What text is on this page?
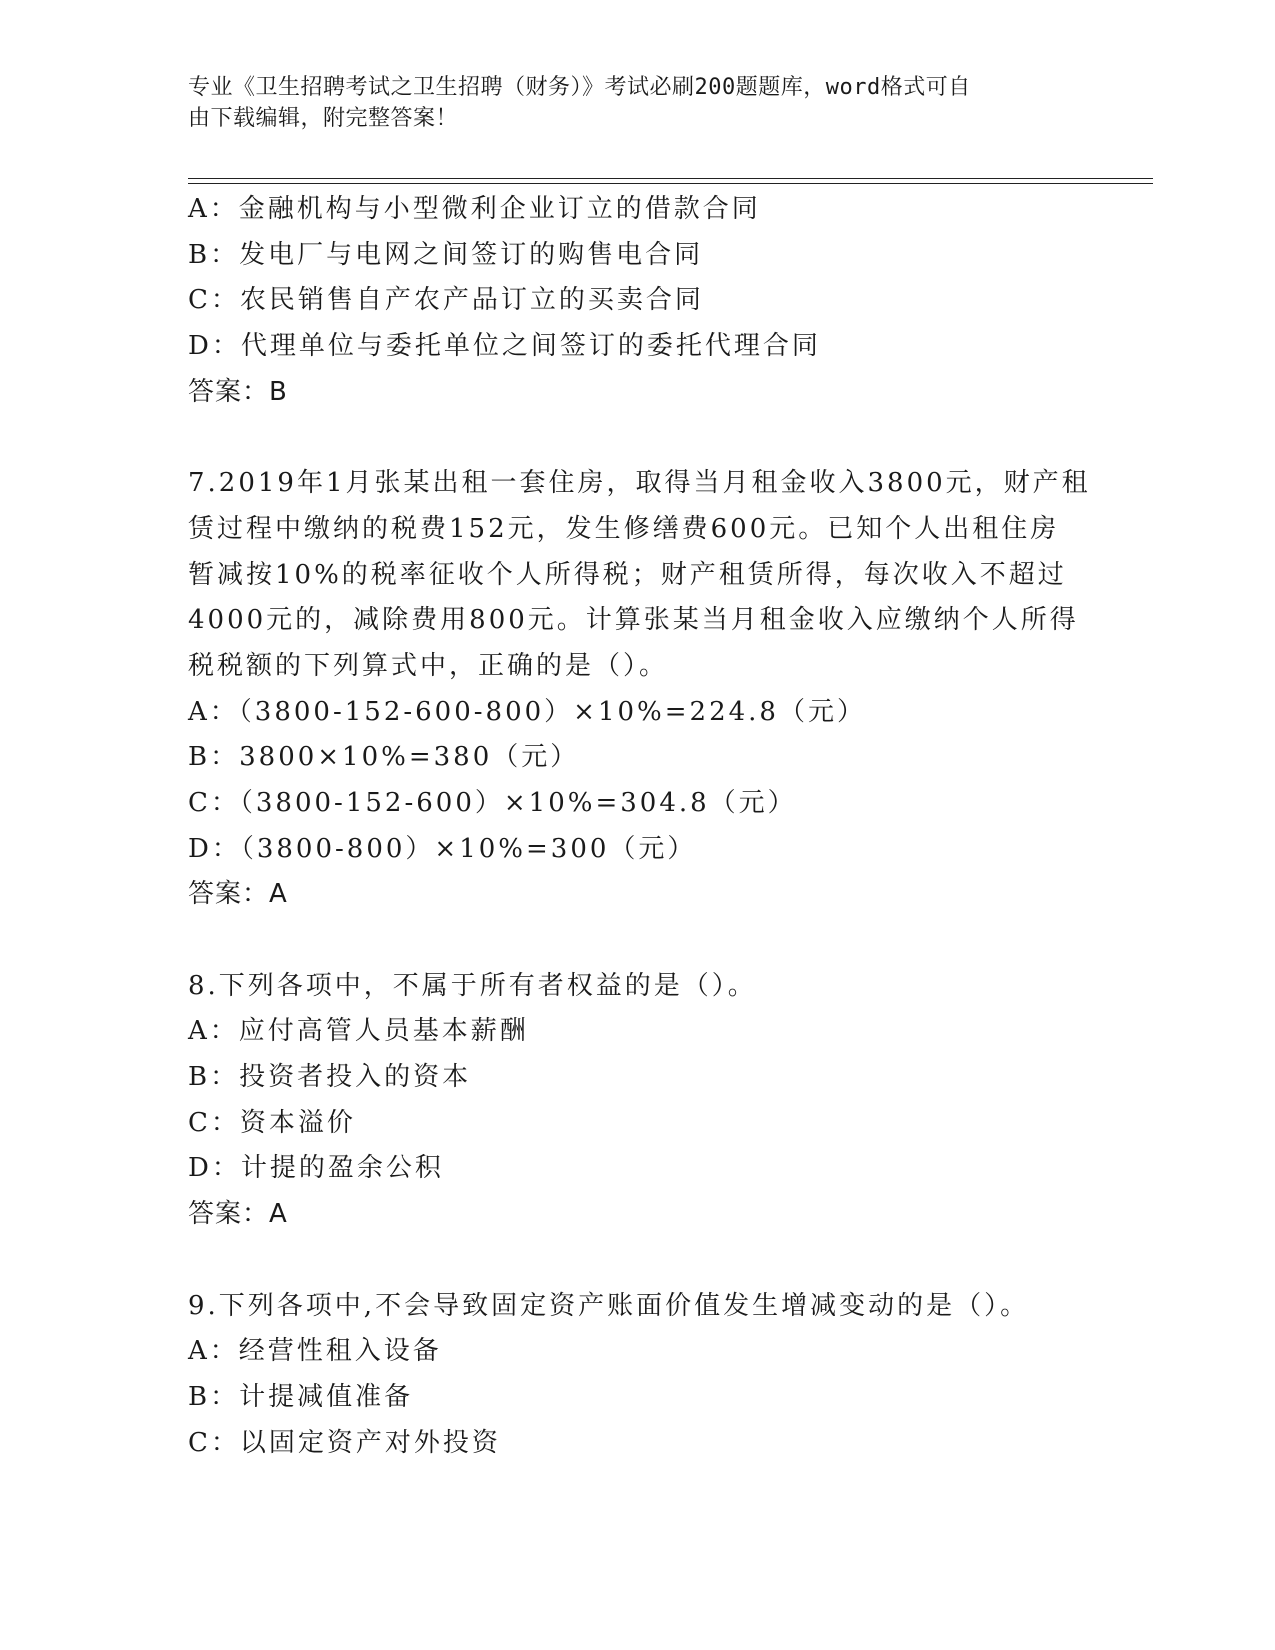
专业《卫生招聘考试之卫生招聘（财务）》考试必刷200题题库，word格式可自
由下载编辑，附完整答案！
A：金融机构与小型微利企业订立的借款合同
B：发电厂与电网之间签订的购售电合同
C：农民销售自产农产品订立的买卖合同
D：代理单位与委托单位之间签订的委托代理合同
答案：B
7.2019年1月张某出租一套住房，取得当月租金收入3800元，财产租
赁过程中缴纳的税费152元，发生修缮费600元。已知个人出租住房
暂减按10%的税率征收个人所得税；财产租赁所得，每次收入不超过
4000元的，减除费用800元。计算张某当月租金收入应缴纳个人所得
税税额的下列算式中，正确的是（）。
A：（3800-152-600-800）×10%=224.8（元）
B：3800×10%=380（元）
C：（3800-152-600）×10%=304.8（元）
D：（3800-800）×10%=300（元）
答案：A
8.下列各项中，不属于所有者权益的是（）。
A：应付高管人员基本薪酬
B：投资者投入的资本
C：资本溢价
D：计提的盈余公积
答案：A
9.下列各项中,不会导致固定资产账面价值发生增减变动的是（）。
A：经营性租入设备
B：计提减值准备
C：以固定资产对外投资
